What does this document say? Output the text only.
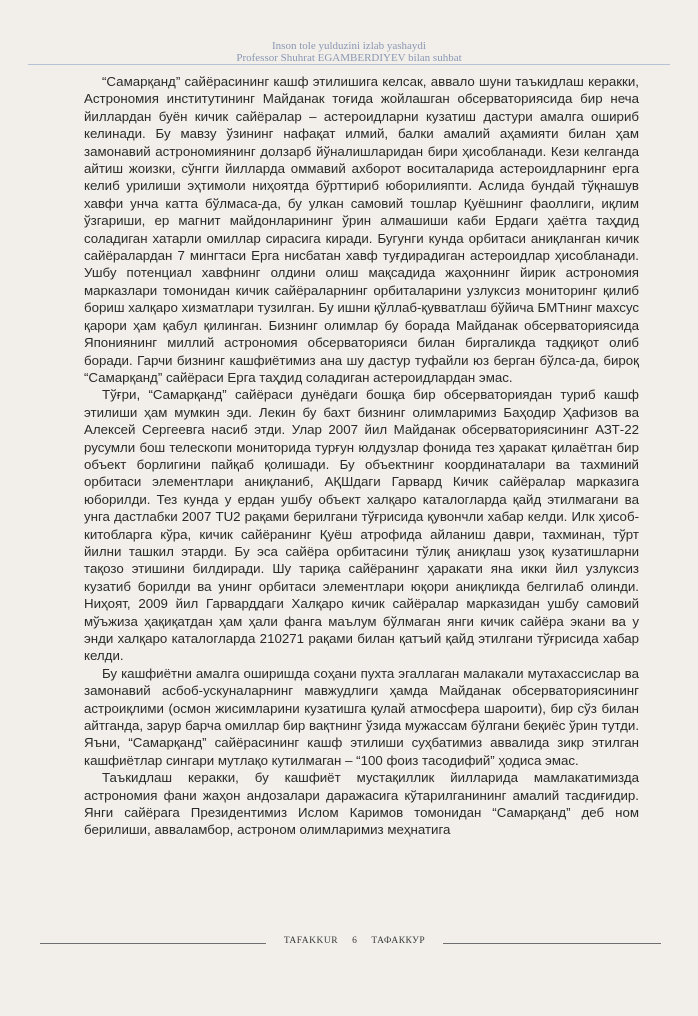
Inson tole yulduzini izlab yashaydi
Professor Shuhrat EGAMBERDIYEV bilan suhbat

“Самарқанд” сайёрасининг кашф этилишига келсак, аввало шуни таъкидлаш керакки, Астрономия институтининг Майданак тоғида жойлашган обсерваториясида бир неча йиллардан буён кичик сайёралар – астероидларни кузатиш дастури амалга ошириб келинади. Бу мавзу ўзининг нафақат илмий, балки амалий аҳамияти билан ҳам замонавий астрономиянинг долзарб йўналишларидан бири ҳисобланади. Кези келганда айтиш жоизки, сўнгги йилларда оммавий ахборот воситаларида астероидларнинг ерга келиб урилиши эҳтимоли ниҳоятда бўрттириб юборилияпти. Аслида бундай тўқнашув хавфи унча катта бўлмаса-да, бу улкан самовий тошлар Қуёшнинг фаоллиги, иқлим ўзгариши, ер магнит майдонларининг ўрин алмашиши каби Ердаги ҳаётга таҳдид соладиган хатарли омиллар сирасига киради. Бугунги кунда орбитаси аниқланган кичик сайёралардан 7 мингтаси Ерга нисбатан хавф туғдирадиган астероидлар ҳисобланади. Ушбу потенциал хавфнинг олдини олиш мақсадида жаҳоннинг йирик астрономия марказлари томонидан кичик сайёраларнинг орбиталарини узлуксиз мониторинг қилиб бориш халқаро хизматлари тузилган. Бу ишни қўллаб-қувватлаш бўйича БМТнинг махсус қарори ҳам қабул қилинган. Бизнинг олимлар бу борада Майданак обсерваториясида Япониянинг миллий астрономия обсерваторияси билан биргаликда тадқиқот олиб боради. Гарчи бизнинг кашфиётимиз ана шу дастур туфайли юз берган бўлса-да, бироқ “Самарқанд” сайёраси Ерга таҳдид соладиган астероидлардан эмас.

Тўғри, “Самарқанд” сайёраси дунёдаги бошқа бир обсерваториядан туриб кашф этилиши ҳам мумкин эди. Лекин бу бахт бизнинг олимларимиз Баҳодир Ҳафизов ва Алексей Сергеевга насиб этди. Улар 2007 йил Майданак обсерваториясининг АЗТ-22 русумли бош телескопи мониторида турғун юлдузлар фонида тез ҳаракат қилаётган бир объект борлигини пайқаб қолишади. Бу объектнинг координаталари ва тахминий орбитаси элементлари аниқланиб, АҚШдаги Гарвард Кичик сайёралар марказига юборилди. Тез кунда у ердан ушбу объект халқаро каталогларда қайд этилмагани ва унга дастлабки 2007 TU2 рақами берилгани тўғрисида қувончли хабар келди. Илк ҳисоб-китобларга кўра, кичик сайёранинг Қуёш атрофида айланиш даври, тахминан, тўрт йилни ташкил этарди. Бу эса сайёра орбитасини тўлиқ аниқлаш узоқ кузатишларни тақозо этишини билдиради. Шу тариқа сайёранинг ҳаракати яна икки йил узлуксиз кузатиб борилди ва унинг орбитаси элементлари юқори аниқликда белгилаб олинди. Ниҳоят, 2009 йил Гарварддаги Халқаро кичик сайёралар марказидан ушбу самовий мўъжиза ҳақиқатдан ҳам ҳали фанга маълум бўлмаган янги кичик сайёра экани ва у энди халқаро каталогларда 210271 рақами билан қатъий қайд этилгани тўғрисида хабар келди.

Бу кашфиётни амалга оширишда соҳани пухта эгаллаган малакали мутахассислар ва замонавий асбоб-ускуналарнинг мавжудлиги ҳамда Майданак обсерваториясининг астроиқлими (осмон жисимларини кузатишга қулай атмосфера шароити), бир сўз билан айтганда, зарур барча омиллар бир вақтнинг ўзида мужассам бўлгани беқиёс ўрин тутди. Яъни, “Самарқанд” сайёрасининг кашф этилиши суҳбатимиз аввалида зикр этилган кашфиётлар сингари мутлақо кутилмаган – “100 фоиз тасодифий” ҳодиса эмас.

Таъкидлаш керакки, бу кашфиёт мустақиллик йилларида мамлакатимизда астрономия фани жаҳон андозалари даражасига кўтарилганининг амалий тасдиғидир. Янги сайёрага Президентимиз Ислом Каримов томонидан “Самарқанд” деб ном берилиши, авваламбор, астроном олимларимиз меҳнатига

TAFAKKUR 6 ТАФАККУР
